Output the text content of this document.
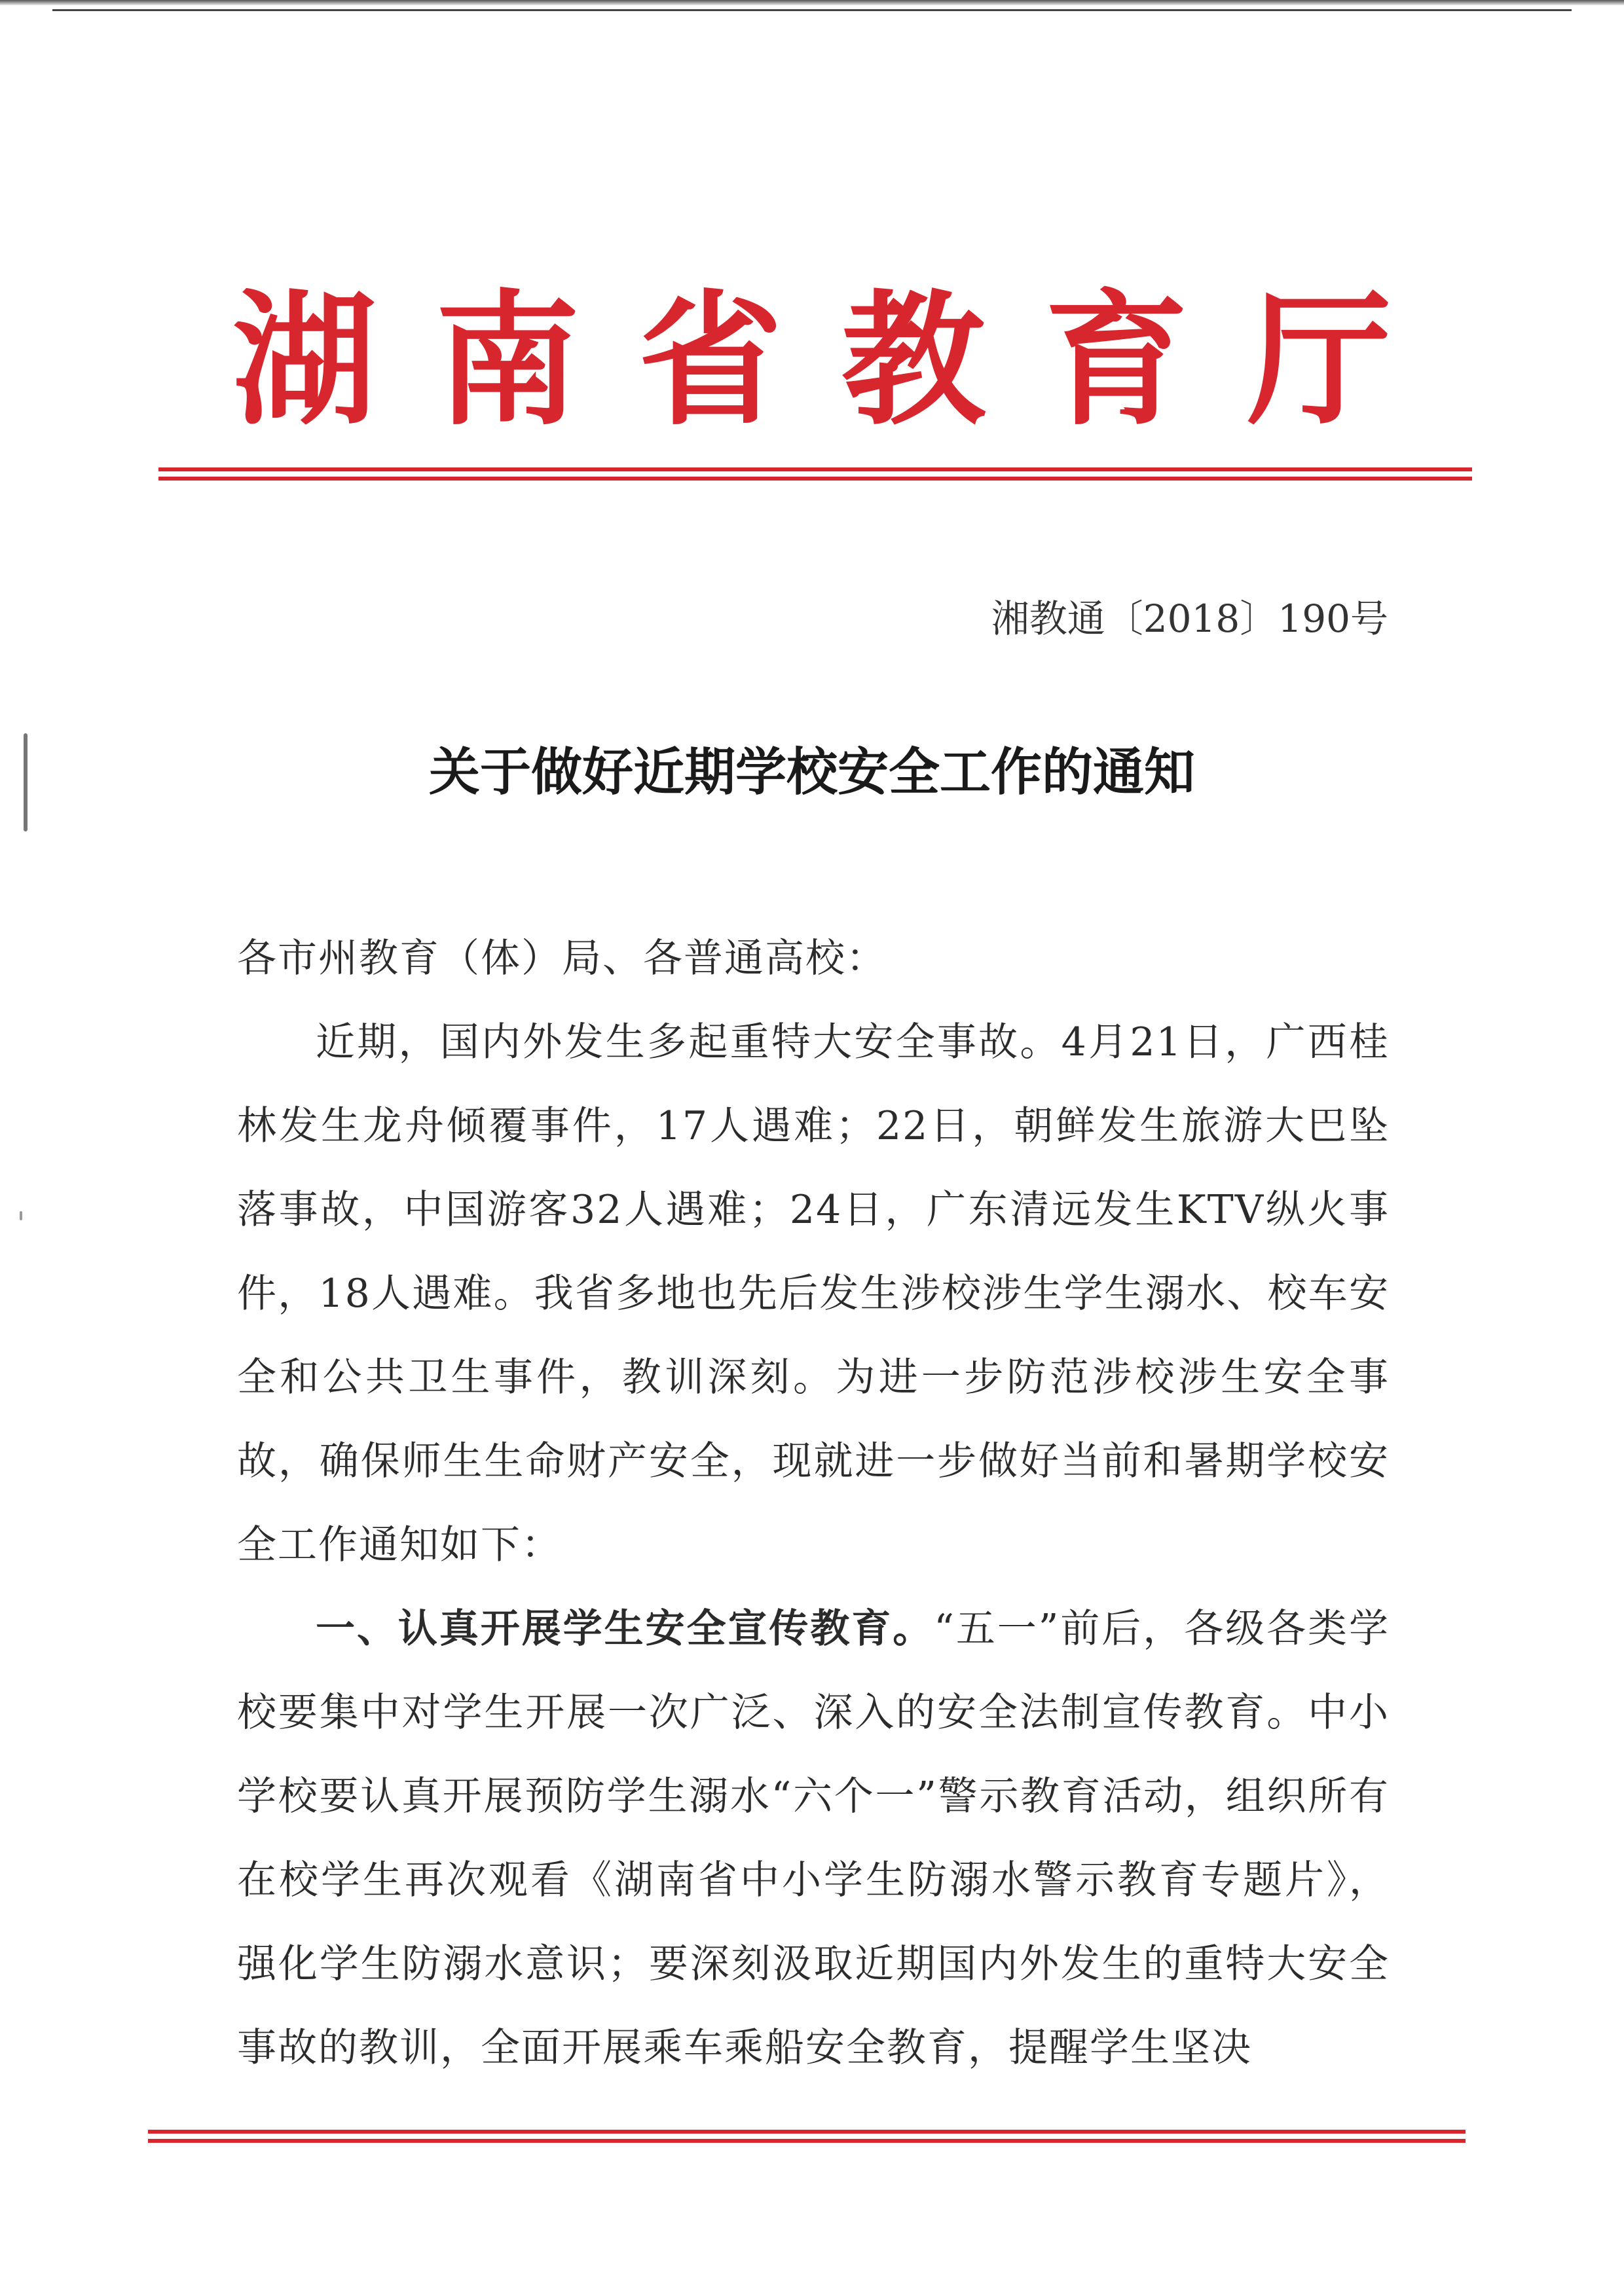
湖南省教育厅
湘教通〔2018〕190号
关于做好近期学校安全工作的通知

各市州教育（体）局、各普通高校：

近期，国内外发生多起重特大安全事故。4月21日，广西桂林发生龙舟倾覆事件，17人遇难；22日，朝鲜发生旅游大巴坠落事故，中国游客32人遇难；24日，广东清远发生KTV纵火事件，18人遇难。我省多地也先后发生涉校涉生学生溺水、校车安全和公共卫生事件，教训深刻。为进一步防范涉校涉生安全事故，确保师生生命财产安全，现就进一步做好当前和暑期学校安全工作通知如下：

一、认真开展学生安全宣传教育。“五一”前后，各级各类学校要集中对学生开展一次广泛、深入的安全法制宣传教育。中小学校要认真开展预防学生溺水“六个一”警示教育活动，组织所有在校学生再次观看《湖南省中小学生防溺水警示教育专题片》，强化学生防溺水意识；要深刻汲取近期国内外发生的重特大安全事故的教训，全面开展乘车乘船安全教育，提醒学生坚决
